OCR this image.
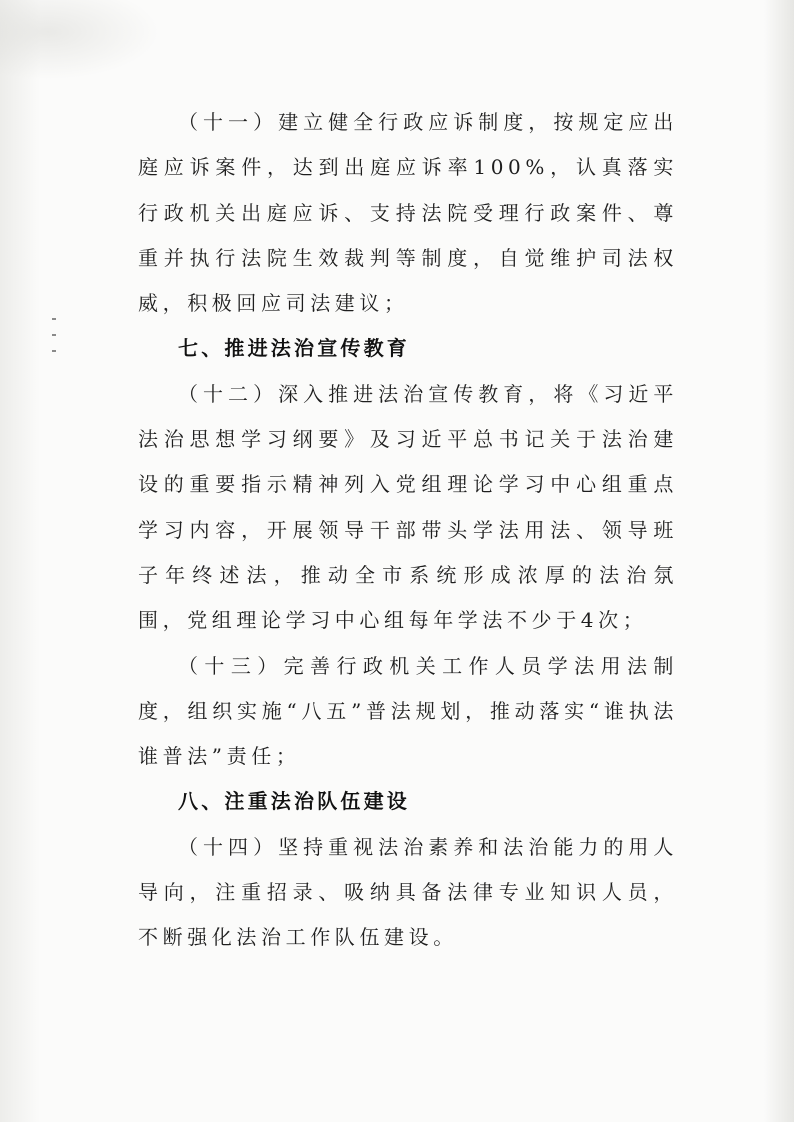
（十一）建立健全行政应诉制度，按规定应出庭应诉案件，达到出庭应诉率100%，认真落实行政机关出庭应诉、支持法院受理行政案件、尊重并执行法院生效裁判等制度，自觉维护司法权威，积极回应司法建议；

七、推进法治宣传教育

（十二）深入推进法治宣传教育，将《习近平法治思想学习纲要》及习近平总书记关于法治建设的重要指示精神列入党组理论学习中心组重点学习内容，开展领导干部带头学法用法、领导班子年终述法，推动全市系统形成浓厚的法治氛围，党组理论学习中心组每年学法不少于4次；

（十三）完善行政机关工作人员学法用法制度，组织实施“八五”普法规划，推动落实“谁执法谁普法”责任；

八、注重法治队伍建设

（十四）坚持重视法治素养和法治能力的用人导向，注重招录、吸纳具备法律专业知识人员，不断强化法治工作队伍建设。
